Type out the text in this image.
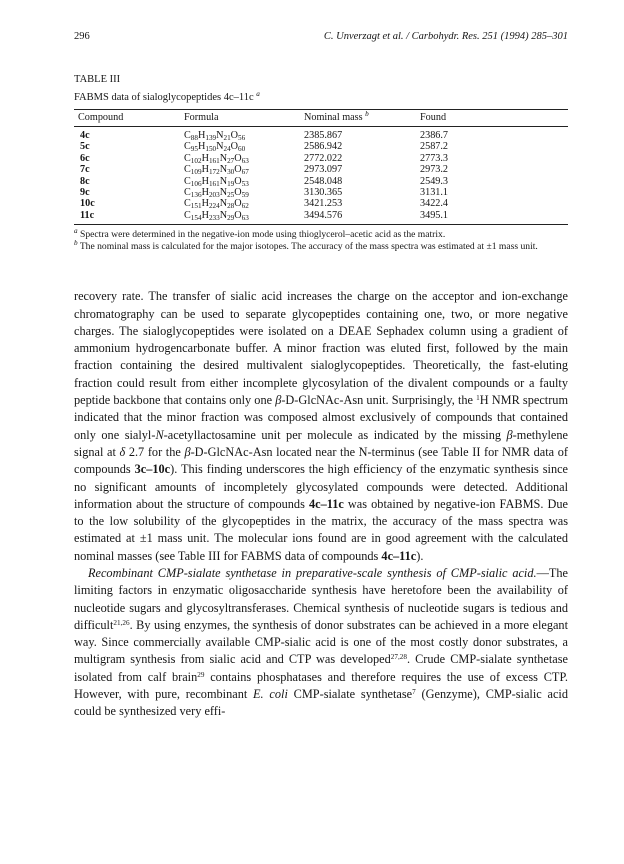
296	C. Unverzagt et al. / Carbohydr. Res. 251 (1994) 285–301
TABLE III
FABMS data of sialoglycopeptides 4c–11c $^a$
Compound	Formula	Nominal mass $^b$	Found
4c	$C_{88}H_{139}N_{21}O_{56}$	2385.867	2386.7
5c	$C_{95}H_{150}N_{24}O_{60}$	2586.942	2587.2
6c	$C_{102}H_{161}N_{27}O_{63}$	2772.022	2773.3
7c	$C_{109}H_{172}N_{30}O_{67}$	2973.097	2973.2
8c	$C_{106}H_{161}N_{19}O_{53}$	2548.048	2549.3
9c	$C_{136}H_{203}N_{25}O_{59}$	3130.365	3131.1
10c	$C_{151}H_{224}N_{28}O_{62}$	3421.253	3422.4
11c	$C_{154}H_{233}N_{29}O_{63}$	3494.576	3495.1

$^a$ Spectra were determined in the negative-ion mode using thioglycerol–acetic acid as the matrix.

$^b$ The nominal mass is calculated for the major isotopes. The accuracy of the mass spectra was estimated at ±1 mass unit.

recovery rate. The transfer of sialic acid increases the charge on the acceptor and ion-exchange chromatography can be used to separate glycopeptides containing one, two, or more negative charges. The sialoglycopeptides were isolated on a DEAE Sephadex column using a gradient of ammonium hydrogencarbonate buffer. A minor fraction was eluted first, followed by the main fraction containing the desired multivalent sialoglycopeptides. Theoretically, the fast-eluting fraction could result from either incomplete glycosylation of the divalent compounds or a faulty peptide backbone that contains only one β-D-GlcNAc-Asn unit. Surprisingly, the $^1$H NMR spectrum indicated that the minor fraction was composed almost exclusively of compounds that contained only one sialyl-N-acetyllactosamine unit per molecule as indicated by the missing β-methylene signal at δ 2.7 for the β-D-GlcNAc-Asn located near the N-terminus (see Table II for NMR data of compounds 3c–10c). This finding underscores the high efficiency of the enzymatic synthesis since no significant amounts of incompletely glycosylated compounds were detected. Additional information about the structure of compounds 4c–11c was obtained by negative-ion FABMS. Due to the low solubility of the glycopeptides in the matrix, the accuracy of the mass spectra was estimated at ±1 mass unit. The molecular ions found are in good agreement with the calculated nominal masses (see Table III for FABMS data of compounds 4c–11c).

Recombinant CMP-sialate synthetase in preparative-scale synthesis of CMP-sialic acid.—The limiting factors in enzymatic oligosaccharide synthesis have heretofore been the availability of nucleotide sugars and glycosyltransferases. Chemical synthesis of nucleotide sugars is tedious and difficult$^{21,26}$. By using enzymes, the synthesis of donor substrates can be achieved in a more elegant way. Since commercially available CMP-sialic acid is one of the most costly donor substrates, a multigram synthesis from sialic acid and CTP was developed$^{27,28}$. Crude CMP-sialate synthetase isolated from calf brain$^{29}$ contains phosphatases and therefore requires the use of excess CTP. However, with pure, recombinant E. coli CMP-sialate synthetase$^7$ (Genzyme), CMP-sialic acid could be synthesized very effi-
